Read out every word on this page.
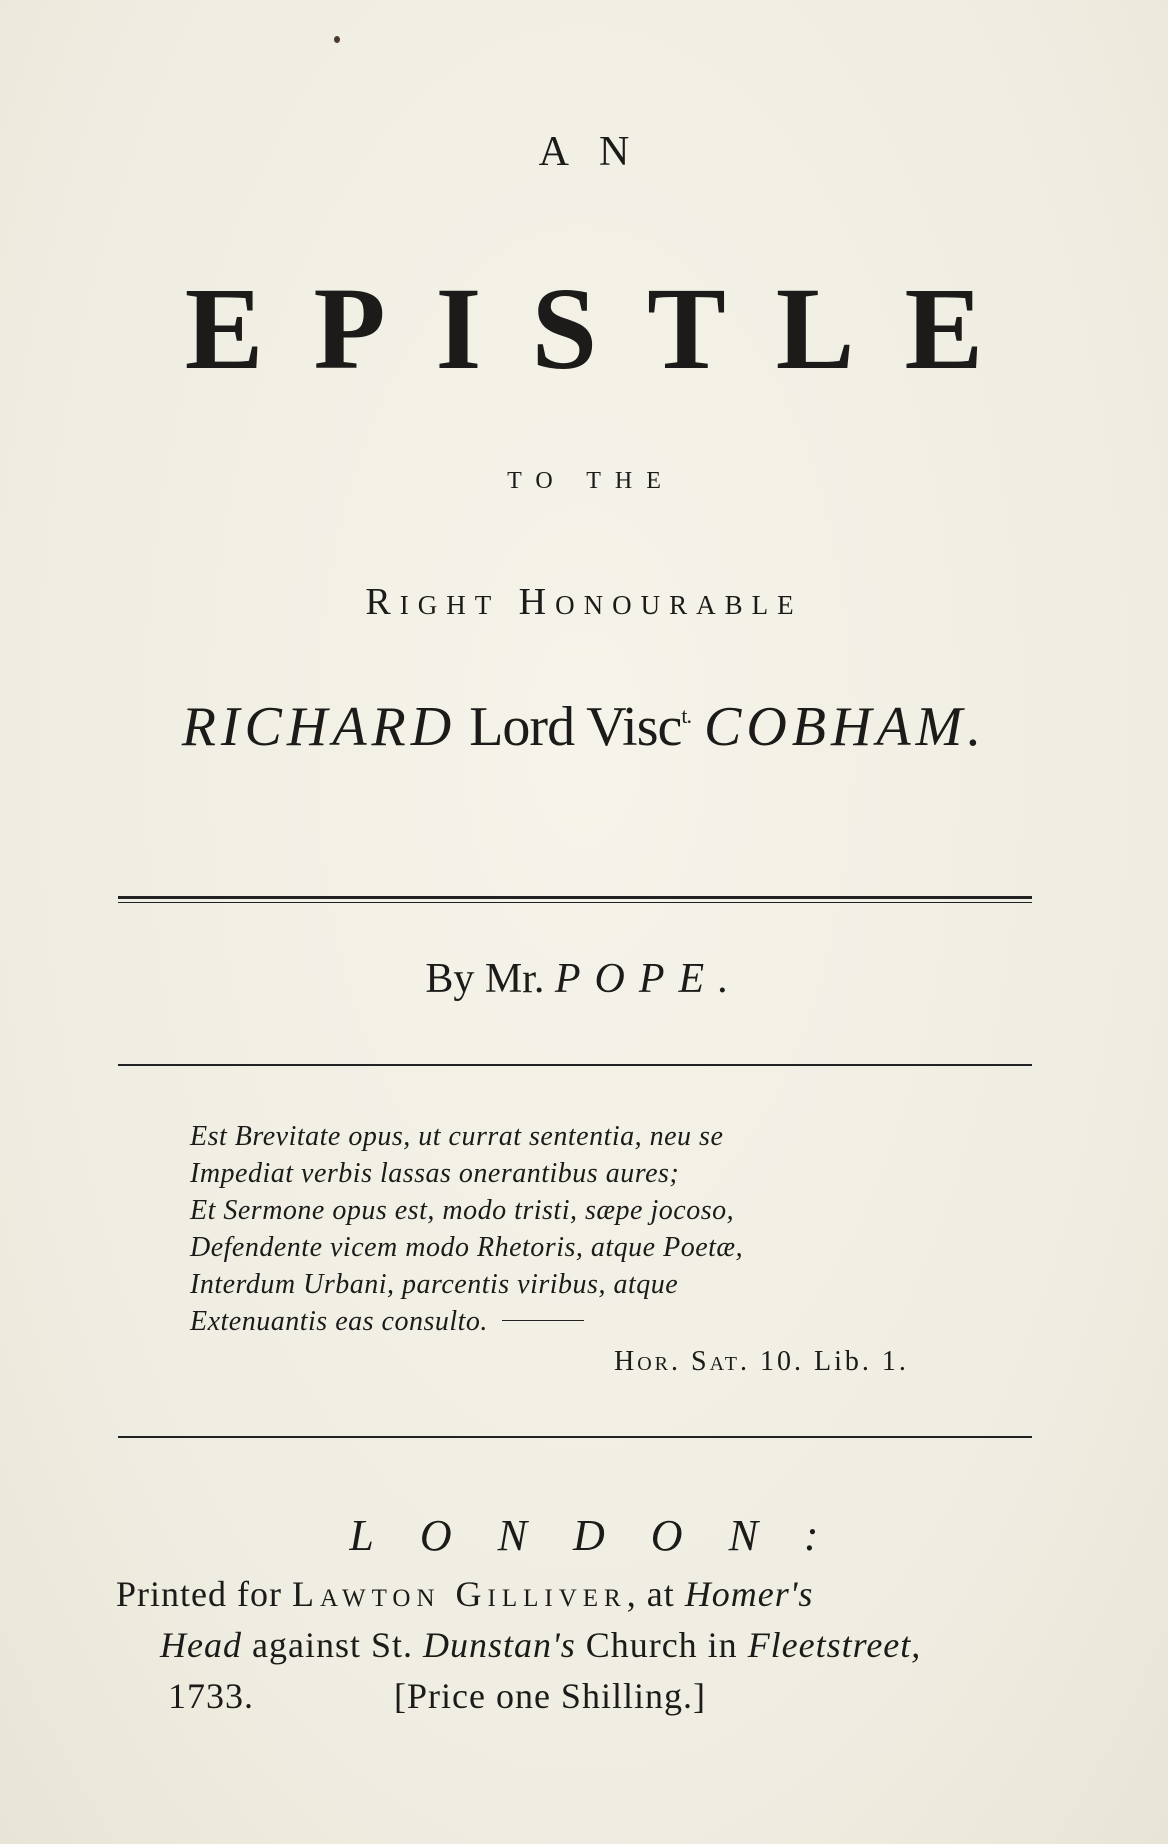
AN
EPISTLE
TO THE
Right Honourable
RICHARD Lord Visc$^{t.}$ COBHAM.
By Mr. POPE.
Est Brevitate opus, ut currat sententia, neu se
Impediat verbis lassas onerantibus aures;
Et Sermone opus est, modo tristi, sæpe jocoso,
Defendente vicem modo Rhetoris, atque Poetæ,
Interdum Urbani, parcentis viribus, atque
Extenuantis eas consulto.
Hor. Sat. 10. Lib. 1.
LONDON:
Printed for Lawton Gilliver, at Homer's
Head against St. Dunstan's Church in Fleetstreet,
1733.	[Price one Shilling.]
